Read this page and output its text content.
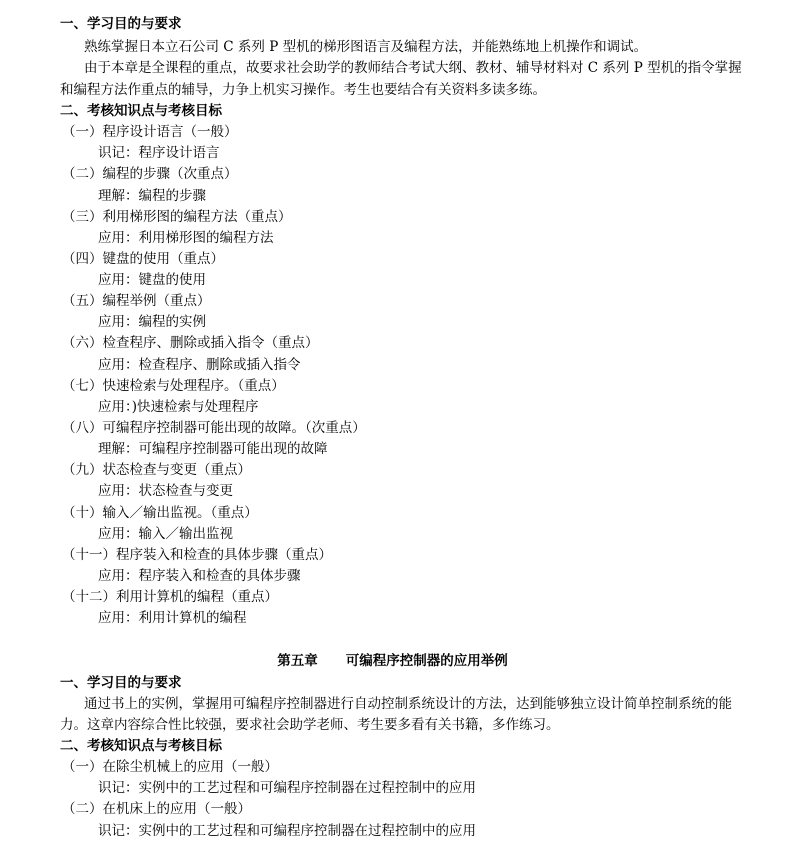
一、学习目的与要求
熟练掌握日本立石公司 C 系列 P 型机的梯形图语言及编程方法，并能熟练地上机操作和调试。
由于本章是全课程的重点，故要求社会助学的教师结合考试大纲、教材、辅导材料对 C 系列 P 型机的指令掌握
和编程方法作重点的辅导，力争上机实习操作。考生也要结合有关资料多读多练。
二、考核知识点与考核目标
（一）程序设计语言（一般）
识记：程序设计语言
（二）编程的步骤（次重点）
理解：编程的步骤
（三）利用梯形图的编程方法（重点）
应用：利用梯形图的编程方法
（四）键盘的使用（重点）
应用：键盘的使用
（五）编程举例（重点）
应用：编程的实例
（六）检查程序、删除或插入指令（重点）
应用：检查程序、删除或插入指令
（七）快速检索与处理程序。（重点）
应用：)快速检索与处理程序
（八）可编程序控制器可能出现的故障。（次重点）
理解：可编程序控制器可能出现的故障
（九）状态检查与变更（重点）
应用：状态检查与变更
（十）输入／输出监视。（重点）
应用：输入／输出监视
（十一）程序装入和检查的具体步骤（重点）
应用：程序装入和检查的具体步骤
（十二）利用计算机的编程（重点）
应用：利用计算机的编程
第五章 可编程序控制器的应用举例
一、学习目的与要求
通过书上的实例，掌握用可编程序控制器进行自动控制系统设计的方法，达到能够独立设计简单控制系统的能
力。这章内容综合性比较强，要求社会助学老师、考生要多看有关书籍，多作练习。
二、考核知识点与考核目标
（一）在除尘机械上的应用（一般）
识记：实例中的工艺过程和可编程序控制器在过程控制中的应用
（二）在机床上的应用（一般）
识记：实例中的工艺过程和可编程序控制器在过程控制中的应用
